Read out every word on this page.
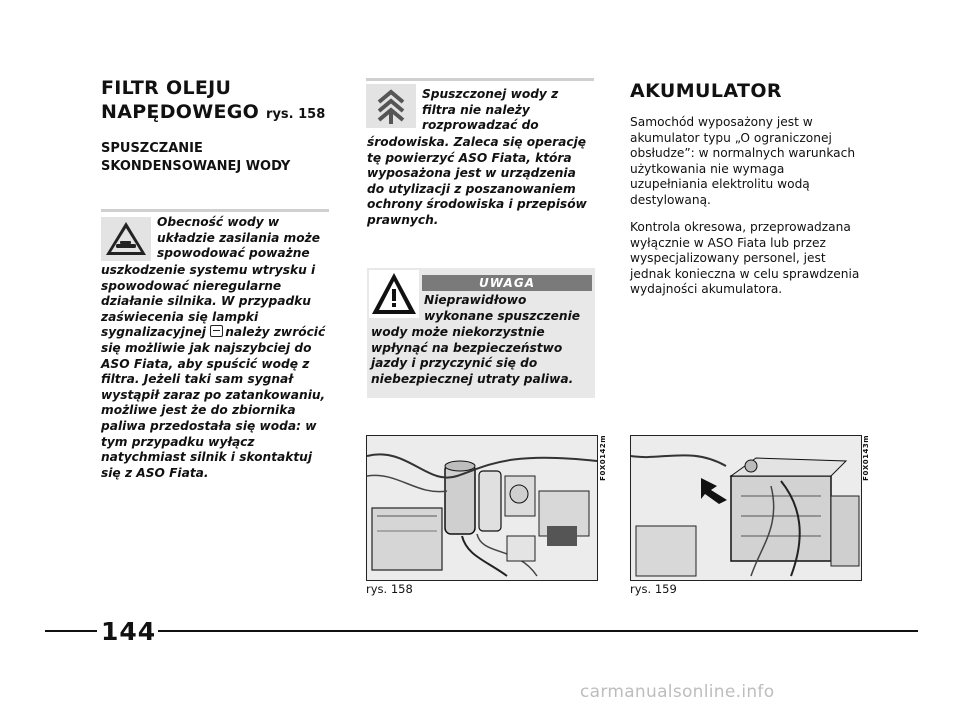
FILTR OLEJU
NAPĘDOWEGO rys. 158
SPUSZCZANIE
SKONDENSOWANEJ WODY
Obecność wody w
układzie zasilania może
spowodować poważne
uszkodzenie systemu wtrysku i
spowodować nieregularne
działanie silnika. W przypadku
zaświecenia się lampki
sygnalizacyjnej należy zwrócić
się możliwie jak najszybciej do
ASO Fiata, aby spuścić wodę z
filtra. Jeżeli taki sam sygnał
wystąpił zaraz po zatankowaniu,
możliwe jest że do zbiornika
paliwa przedostała się woda: w
tym przypadku wyłącz
natychmiast silnik i skontaktuj
się z ASO Fiata.
Spuszczonej wody z
filtra nie należy
rozprowadzać do
środowiska. Zaleca się operację
tę powierzyć ASO Fiata, która
wyposażona jest w urządzenia
do utylizacji z poszanowaniem
ochrony środowiska i przepisów
prawnych.
UWAGA
Nieprawidłowo
wykonane spuszczenie
wody może niekorzystnie
wpłynąć na bezpieczeństwo
jazdy i przyczynić się do
niebezpiecznej utraty paliwa.
AKUMULATOR
Samochód wyposażony jest w
akumulator typu „O ograniczonej
obsłudze”: w normalnych warunkach
użytkowania nie wymaga
uzupełniania elektrolitu wodą
destylowaną.
Kontrola okresowa, przeprowadzana
wyłącznie w ASO Fiata lub przez
wyspecjalizowany personel, jest
jednak konieczna w celu sprawdzenia
wydajności akumulatora.
F0X0142m
rys. 158
F0X0143m
rys. 159
144
carmanualsonline.info
